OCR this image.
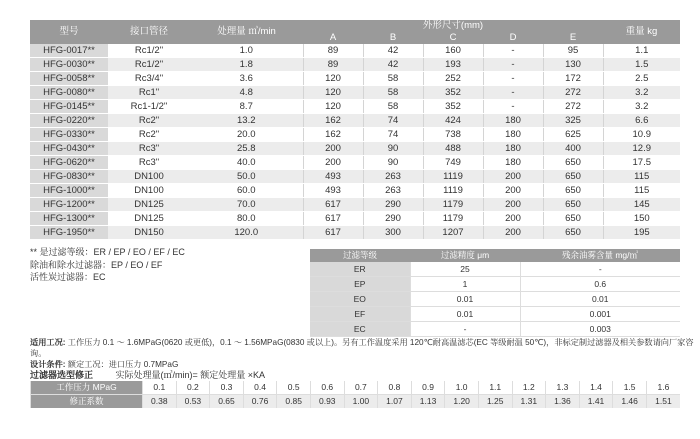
型号	接口管径	处理量 ㎥/min	外形尺寸(mm)					重量 kg
			A	B	C	D	E	
HFG-0017**	Rc1/2"	1.0	89	42	160	-	95	1.1
HFG-0030**	Rc1/2"	1.8	89	42	193	-	130	1.5
HFG-0058**	Rc3/4"	3.6	120	58	252	-	172	2.5
HFG-0080**	Rc1"	4.8	120	58	352	-	272	3.2
HFG-0145**	Rc1-1/2"	8.7	120	58	352	-	272	3.2
HFG-0220**	Rc2"	13.2	162	74	424	180	325	6.6
HFG-0330**	Rc2"	20.0	162	74	738	180	625	10.9
HFG-0430**	Rc3"	25.8	200	90	488	180	400	12.9
HFG-0620**	Rc3"	40.0	200	90	749	180	650	17.5
HFG-0830**	DN100	50.0	493	263	1119	200	650	115
HFG-1000**	DN100	60.0	493	263	1119	200	650	115
HFG-1200**	DN125	70.0	617	290	1179	200	650	145
HFG-1300**	DN125	80.0	617	290	1179	200	650	150
HFG-1950**	DN150	120.0	617	300	1207	200	650	195
** 是过滤等级：ER / EP / EO / EF / EC
除油和除水过滤器：EP / EO / EF
活性炭过滤器：EC
过滤等级	过滤精度 μm	残余油雾含量 mg/㎥
ER	25	-
EP	1	0.6
EO	0.01	0.01
EF	0.01	0.001
EC	-	0.003
适用工况: 工作压力 0.1 ～ 1.6MPaG(0620 或更低)，0.1 ～ 1.56MPaG(0830 或以上)。另有工作温度采用 120℃耐高温滤芯(EC 等级耐温 50℃)，非标定制过滤器及相关参数请向厂家咨询。
设计条件: 额定工况：进口压力 0.7MPaG
过滤器选型修正	实际处理量(㎥/min)= 额定处理量 ×KA
工作压力 MPaG	0.1	0.2	0.3	0.4	0.5	0.6	0.7	0.8	0.9	1.0	1.1	1.2	1.3	1.4	1.5	1.6
修正系数	0.38	0.53	0.65	0.76	0.85	0.93	1.00	1.07	1.13	1.20	1.25	1.31	1.36	1.41	1.46	1.51
